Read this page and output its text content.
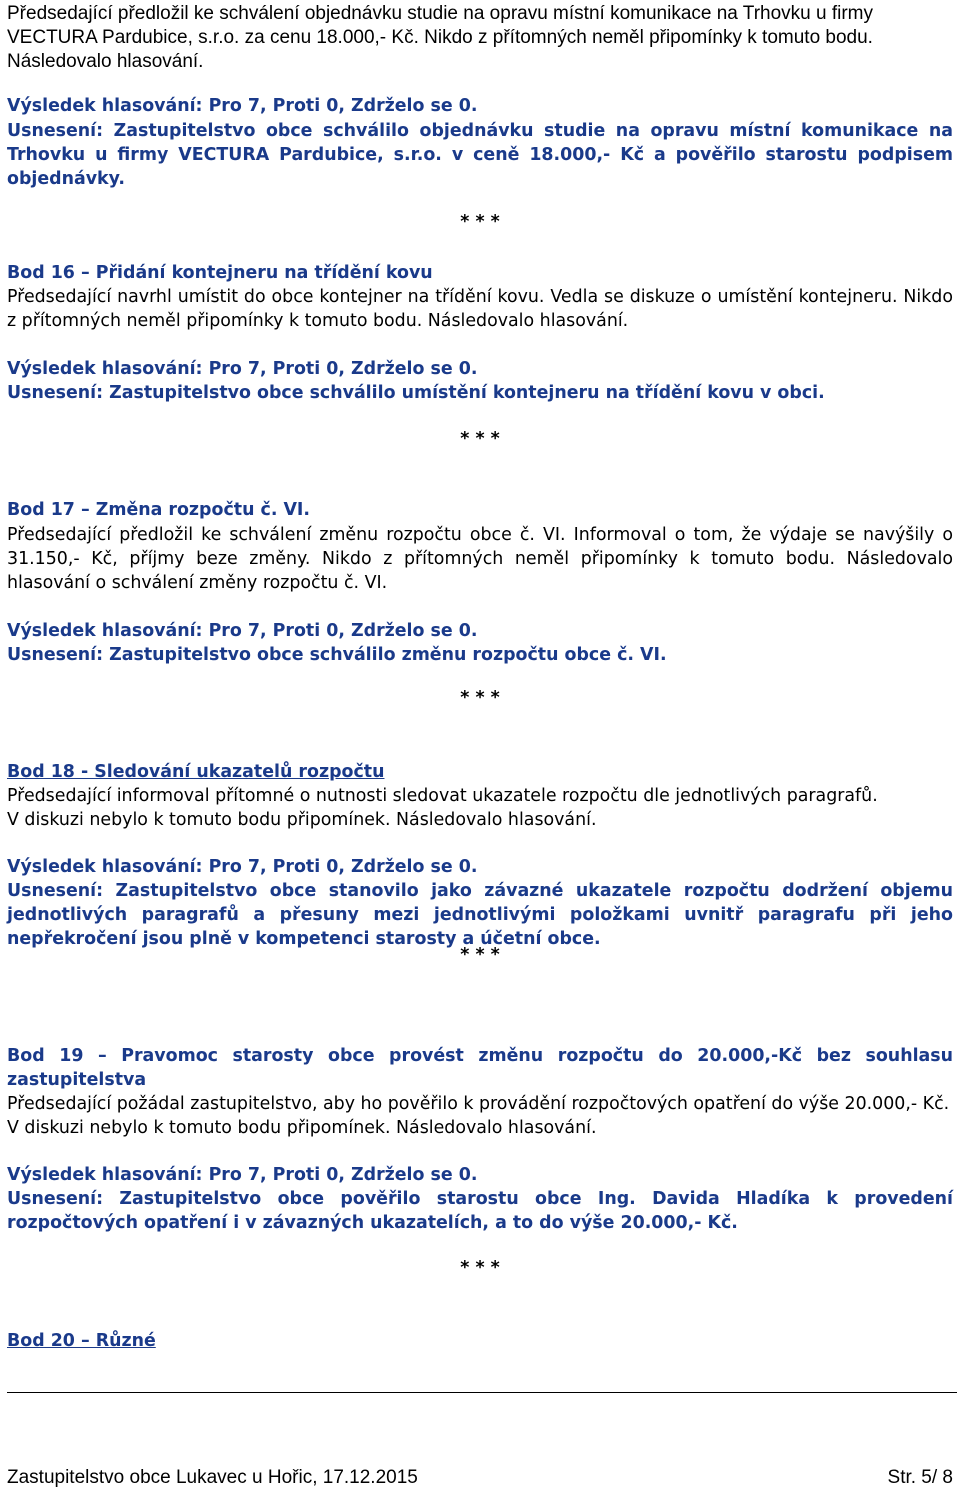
Předsedající předložil ke schválení objednávku studie na opravu místní komunikace na Trhovku u firmy

VECTURA Pardubice, s.r.o. za cenu 18.000,- Kč. Nikdo z přítomných neměl připomínky k tomuto bodu.

Následovalo hlasování.

Výsledek hlasování: Pro 7, Proti 0, Zdrželo se 0.

Usnesení: Zastupitelstvo obce schválilo objednávku studie na opravu místní komunikace na Trhovku u firmy VECTURA Pardubice, s.r.o. v ceně 18.000,- Kč a pověřilo starostu podpisem objednávky.

* * *

Bod 16 – Přidání kontejneru na třídění kovu

Předsedající navrhl umístit do obce kontejner na třídění kovu. Vedla se diskuze o umístění kontejneru. Nikdo z přítomných neměl připomínky k tomuto bodu. Následovalo hlasování.

Výsledek hlasování: Pro 7, Proti 0, Zdrželo se 0.

Usnesení: Zastupitelstvo obce schválilo umístění kontejneru na třídění kovu v obci.

* * *

Bod 17 – Změna rozpočtu č. VI.

Předsedající předložil ke schválení změnu rozpočtu obce č. VI. Informoval o tom, že výdaje se navýšily o 31.150,- Kč, příjmy beze změny. Nikdo z přítomných neměl připomínky k tomuto bodu. Následovalo hlasování o schválení změny rozpočtu č. VI.

Výsledek hlasování: Pro 7, Proti 0, Zdrželo se 0.

Usnesení: Zastupitelstvo obce schválilo změnu rozpočtu obce č. VI.

* * *

Bod 18 - Sledování ukazatelů rozpočtu

Předsedající informoval přítomné o nutnosti sledovat ukazatele rozpočtu dle jednotlivých paragrafů.

V diskuzi nebylo k tomuto bodu připomínek. Následovalo hlasování.

Výsledek hlasování: Pro 7, Proti 0, Zdrželo se 0.

Usnesení: Zastupitelstvo obce stanovilo jako závazné ukazatele rozpočtu dodržení objemu jednotlivých paragrafů a přesuny mezi jednotlivými položkami uvnitř paragrafu při jeho nepřekročení jsou plně v kompetenci starosty a účetní obce.

* * *

Bod 19 – Pravomoc starosty obce provést změnu rozpočtu do 20.000,-Kč bez souhlasu zastupitelstva

Předsedající požádal zastupitelstvo, aby ho pověřilo k provádění rozpočtových opatření do výše 20.000,- Kč.

V diskuzi nebylo k tomuto bodu připomínek. Následovalo hlasování.

Výsledek hlasování: Pro 7, Proti 0, Zdrželo se 0.

Usnesení: Zastupitelstvo obce pověřilo starostu obce Ing. Davida Hladíka k provedení rozpočtových opatření i v závazných ukazatelích, a to do výše 20.000,- Kč.

* * *

Bod 20 – Různé

Zastupitelstvo obce Lukavec u Hořic, 17.12.2015	Str. 5/ 8
